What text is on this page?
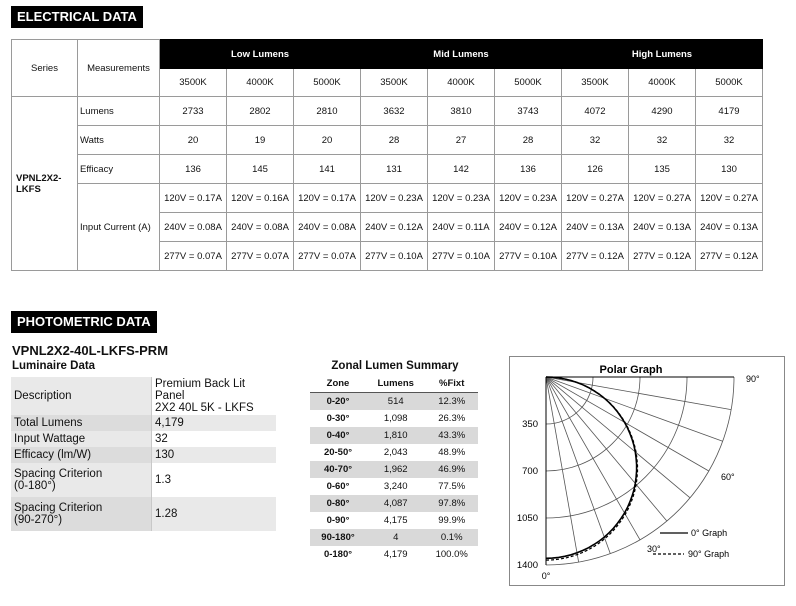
ELECTRICAL DATA
Series	Measurements	Low Lumens			Mid Lumens			High Lumens		
		3500K	4000K	5000K	3500K	4000K	5000K	3500K	4000K	5000K
VPNL2X2-LKFS	Lumens	2733	2802	2810	3632	3810	3743	4072	4290	4179
	Watts	20	19	20	28	27	28	32	32	32
	Efficacy	136	145	141	131	142	136	126	135	130
	Input Current (A)	120V = 0.17A	120V = 0.16A	120V = 0.17A	120V = 0.23A	120V = 0.23A	120V = 0.23A	120V = 0.27A	120V = 0.27A	120V = 0.27A
		240V = 0.08A	240V = 0.08A	240V = 0.08A	240V = 0.12A	240V = 0.11A	240V = 0.12A	240V = 0.13A	240V = 0.13A	240V = 0.13A
		277V = 0.07A	277V = 0.07A	277V = 0.07A	277V = 0.10A	277V = 0.10A	277V = 0.10A	277V = 0.12A	277V = 0.12A	277V = 0.12A
PHOTOMETRIC DATA
VPNL2X2-40L-LKFS-PRM
Luminaire Data
Description	Premium Back Lit Panel
2X2 40L 5K - LKFS
Total Lumens	4,179
Input Wattage	32
Efficacy (lm/W)	130
Spacing Criterion
(0-180°)	1.3
Spacing Criterion
(90-270°)	1.28
Zonal Lumen Summary
Zone	Lumens	%Fixt
0-20°	514	12.3%
0-30°	1,098	26.3%
0-40°	1,810	43.3%
20-50°	2,043	48.9%
40-70°	1,962	46.9%
0-60°	3,240	77.5%
0-80°	4,087	97.8%
0-90°	4,175	99.9%
90-180°	4	0.1%
0-180°	4,179	100.0%
Polar Graph
350
700
1050
1400
90°
60°
30°
0°
0° Graph
90° Graph
